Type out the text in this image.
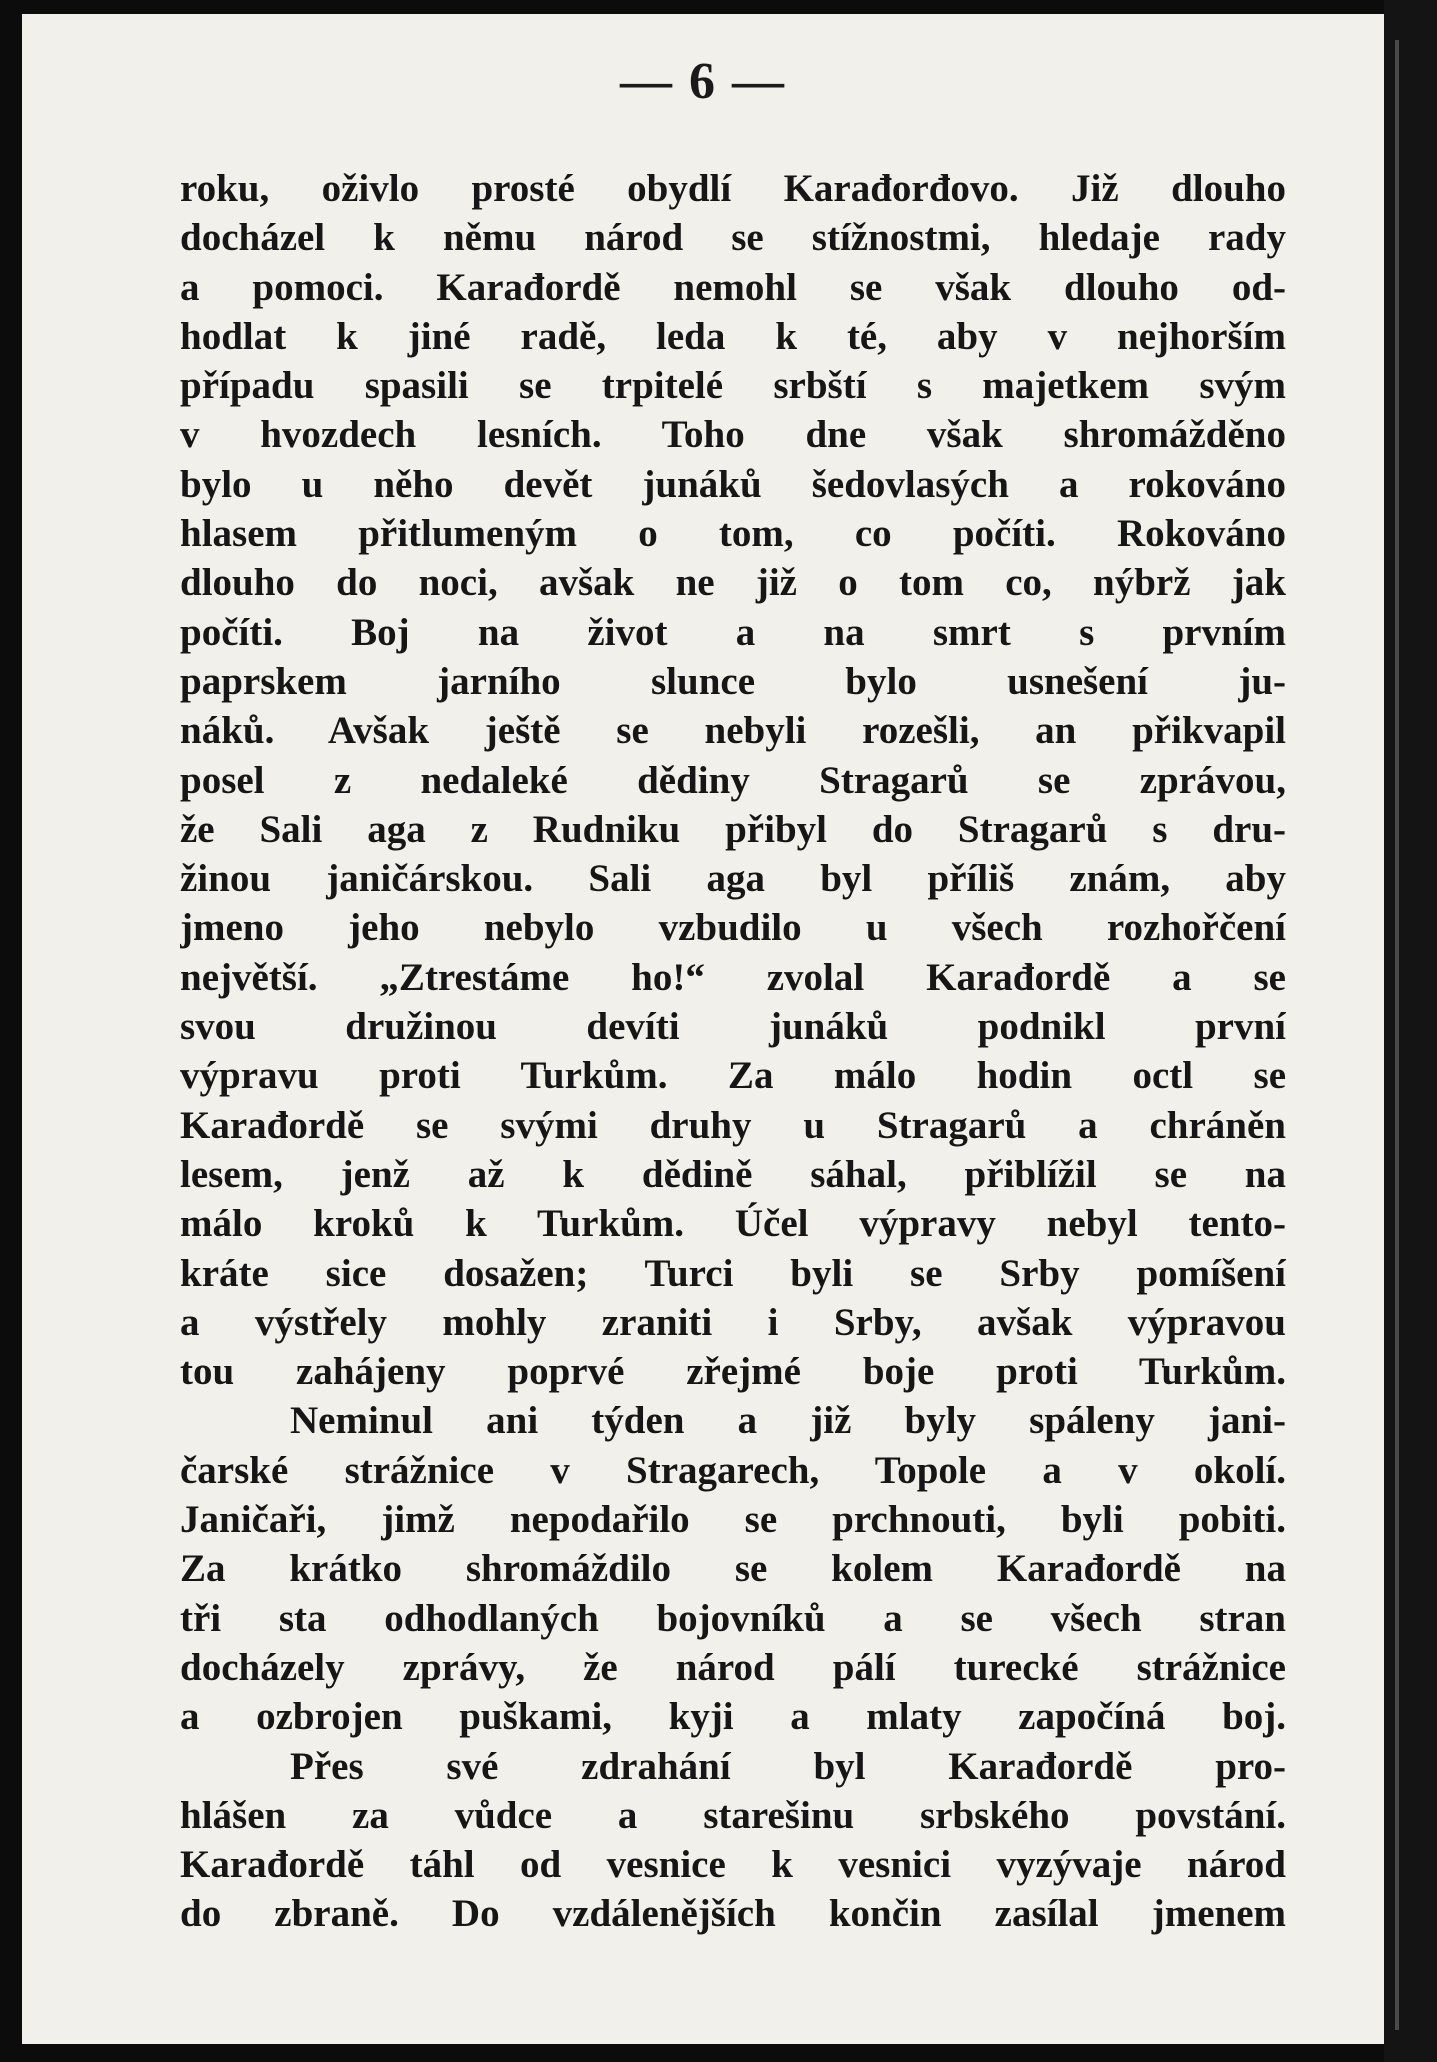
— 6 —
roku, oživlo prosté obydlí Karađorđovo. Již dlouho
docházel k němu národ se stížnostmi, hledaje rady
a pomoci. Karađordě nemohl se však dlouho od-
hodlat k jiné radě, leda k té, aby v nejhorším
případu spasili se trpitelé srbští s majetkem svým
v hvozdech lesních. Toho dne však shromážděno
bylo u něho devět junáků šedovlasých a rokováno
hlasem přitlumeným o tom, co počíti. Rokováno
dlouho do noci, avšak ne již o tom co, nýbrž jak
počíti. Boj na život a na smrt s prvním
paprskem jarního slunce bylo usnešení ju-
náků. Avšak ještě se nebyli rozešli, an přikvapil
posel z nedaleké dědiny Stragarů se zprávou,
že Sali aga z Rudniku přibyl do Stragarů s dru-
žinou janičárskou. Sali aga byl příliš znám, aby
jmeno jeho nebylo vzbudilo u všech rozhořčení
největší. „Ztrestáme ho!“ zvolal Karađordě a se
svou družinou devíti junáků podnikl první
výpravu proti Turkům. Za málo hodin octl se
Karađordě se svými druhy u Stragarů a chráněn
lesem, jenž až k dědině sáhal, přiblížil se na
málo kroků k Turkům. Účel výpravy nebyl tento-
kráte sice dosažen; Turci byli se Srby pomíšení
a výstřely mohly zraniti i Srby, avšak výpravou
tou zahájeny poprvé zřejmé boje proti Turkům.
Neminul ani týden a již byly spáleny jani-
čarské strážnice v Stragarech, Topole a v okolí.
Janičaři, jimž nepodařilo se prchnouti, byli pobiti.
Za krátko shromáždilo se kolem Karađordě na
tři sta odhodlaných bojovníků a se všech stran
docházely zprávy, že národ pálí turecké strážnice
a ozbrojen puškami, kyji a mlaty započíná boj.
Přes své zdrahání byl Karađordě pro-
hlášen za vůdce a starešinu srbského povstání.
Karađordě táhl od vesnice k vesnici vyzývaje národ
do zbraně. Do vzdálenějších končin zasílal jmenem
